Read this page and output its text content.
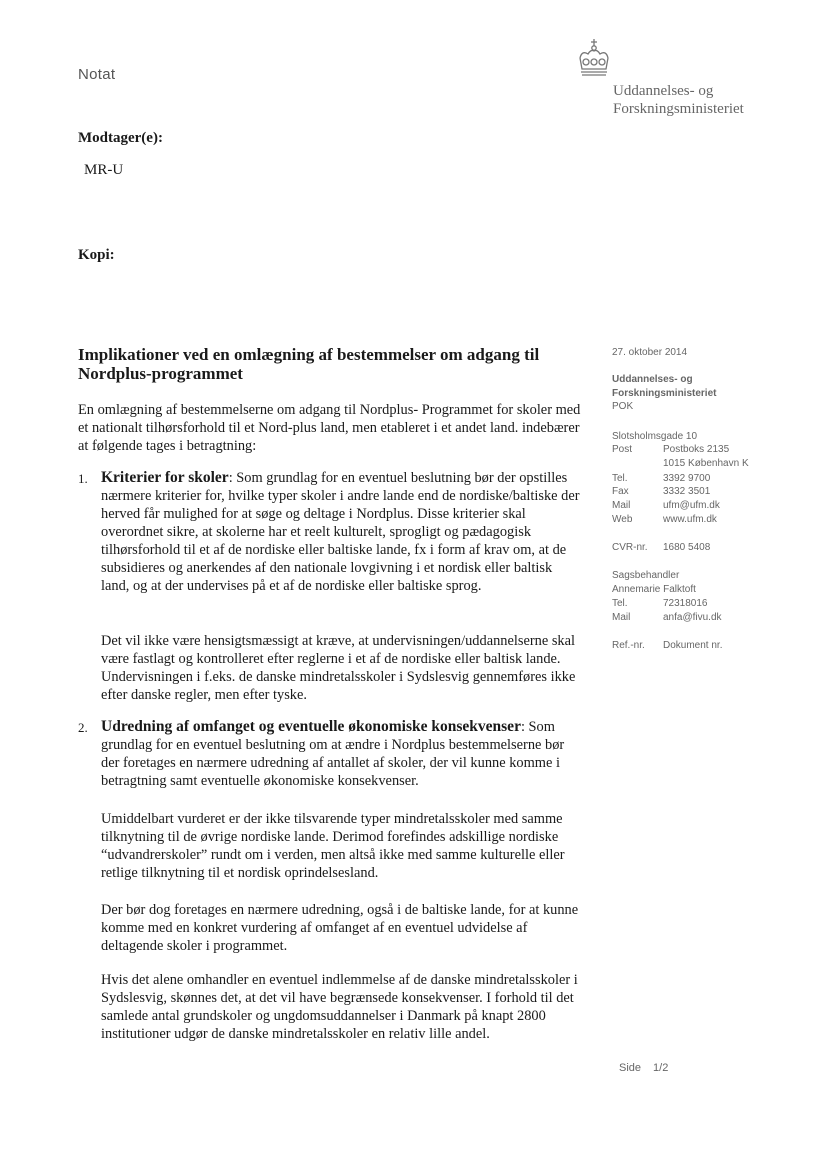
Notat
Uddannelses- og
Forskningsministeriet
Modtager(e):
MR-U
Kopi:
Implikationer ved en omlægning af bestemmelser om adgang til Nordplus-programmet
En omlægning af bestemmelserne om adgang til Nordplus- Programmet for skoler med et nationalt tilhørsforhold til et Nord-plus land, men etableret i et andet land. indebærer at følgende tages i betragtning:
1. Kriterier for skoler: Som grundlag for en eventuel beslutning bør der opstilles nærmere kriterier for, hvilke typer skoler i andre lande end de nordiske/baltiske der herved får mulighed for at søge og deltage i Nordplus. Disse kriterier skal overordnet sikre, at skolerne har et reelt kulturelt, sprogligt og pædagogisk tilhørsforhold til et af de nordiske eller baltiske lande, fx i form af krav om, at de subsidieres og anerkendes af den nationale lovgivning i et nordisk eller baltisk land, og at der undervises på et af de nordiske eller baltiske sprog.
Det vil ikke være hensigtsmæssigt at kræve, at undervisningen/uddannelserne skal være fastlagt og kontrolleret efter reglerne i et af de nordiske eller baltisk lande. Undervisningen i f.eks. de danske mindretalsskoler i Sydslesvig gennemføres ikke efter danske regler, men efter tyske.
2. Udredning af omfanget og eventuelle økonomiske konsekvenser: Som grundlag for en eventuel beslutning om at ændre i Nordplus bestemmelserne bør der foretages en nærmere udredning af antallet af skoler, der vil kunne komme i betragtning samt eventuelle økonomiske konsekvenser.
Umiddelbart vurderet er der ikke tilsvarende typer mindretalsskoler med samme tilknytning til de øvrige nordiske lande. Derimod forefindes adskillige nordiske “udvandrerskoler” rundt om i verden, men altså ikke med samme kulturelle eller retlige tilknytning til et nordisk oprindelsesland.
Der bør dog foretages en nærmere udredning, også i de baltiske lande, for at kunne komme med en konkret vurdering af omfanget af en eventuel udvidelse af deltagende skoler i programmet.
Hvis det alene omhandler en eventuel indlemmelse af de danske mindretalsskoler i Sydslesvig, skønnes det, at det vil have begrænsede konsekvenser. I forhold til det samlede antal grundskoler og ungdomsuddannelser i Danmark på knapt 2800 institutioner udgør de danske mindretalsskoler en relativ lille andel.
27. oktober 2014
Uddannelses- og
Forskningsministeriet
POK
Slotsholmsgade 10
Post	Postboks 2135
1015 København K
Tel.	3392 9700
Fax	3332 3501
Mail	ufm@ufm.dk
Web	www.ufm.dk
CVR-nr. 1680 5408
Sagsbehandler
Annemarie Falktoft
Tel.	72318016
Mail	anfa@fivu.dk
Ref.-nr. Dokument nr.
Side 1/2
